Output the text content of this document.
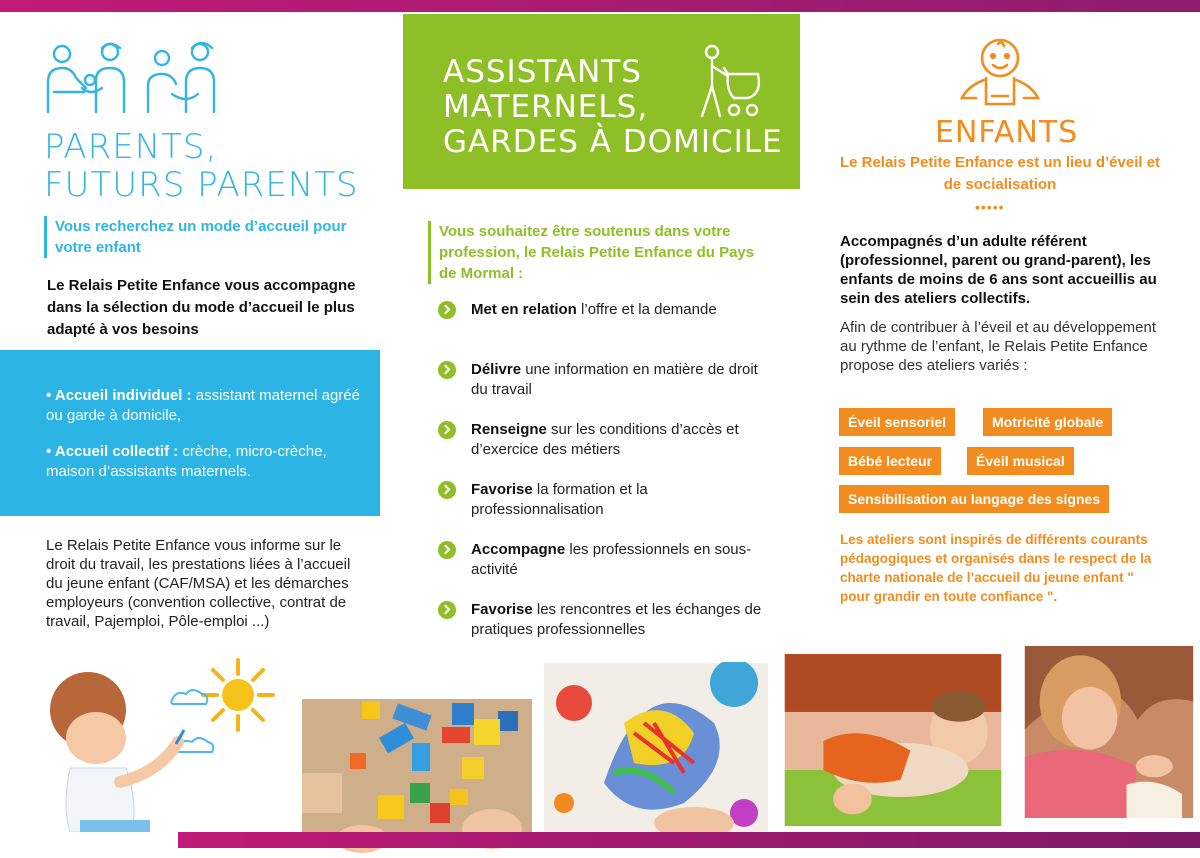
PARENTS,
FUTURS PARENTS
Vous recherchez un mode d’accueil pour votre enfant
Le Relais Petite Enfance vous accompagne dans la sélection du mode d’accueil le plus adapté à vos besoins

• Accueil individuel : assistant maternel agréé ou garde à domicile,

• Accueil collectif : crèche, micro-crèche, maison d’assistants maternels.

Le Relais Petite Enfance vous informe sur le droit du travail, les prestations liées à l’accueil du jeune enfant (CAF/MSA) et les démarches employeurs (convention collective, contrat de travail, Pajemploi, Pôle-emploi ...)
ASSISTANTS
MATERNELS,
GARDES À DOMICILE
Vous souhaitez être soutenus dans votre profession, le Relais Petite Enfance du Pays de Mormal :
Met en relation l’offre et la demande
Délivre une information en matière de droit du travail
Renseigne sur les conditions d’accès et d’exercice des métiers
Favorise la formation et la professionnalisation
Accompagne les professionnels en sous-activité
Favorise les rencontres et les échanges de pratiques professionnelles
ENFANTS
Le Relais Petite Enfance est un lieu d’éveil et de socialisation
•••••
Accompagnés d’un adulte référent (professionnel, parent ou grand-parent), les enfants de moins de 6 ans sont accueillis au sein des ateliers collectifs.
Afin de contribuer à l’éveil et au développement au rythme de l’enfant, le Relais Petite Enfance propose des ateliers variés :
Éveil sensoriel	Motricité globale
Bébé lecteur	Éveil musical
Sensibilisation au langage des signes
Les ateliers sont inspirés de différents courants pédagogiques et organisés dans le respect de la charte nationale de l’accueil du jeune enfant " pour grandir en toute confiance ".
